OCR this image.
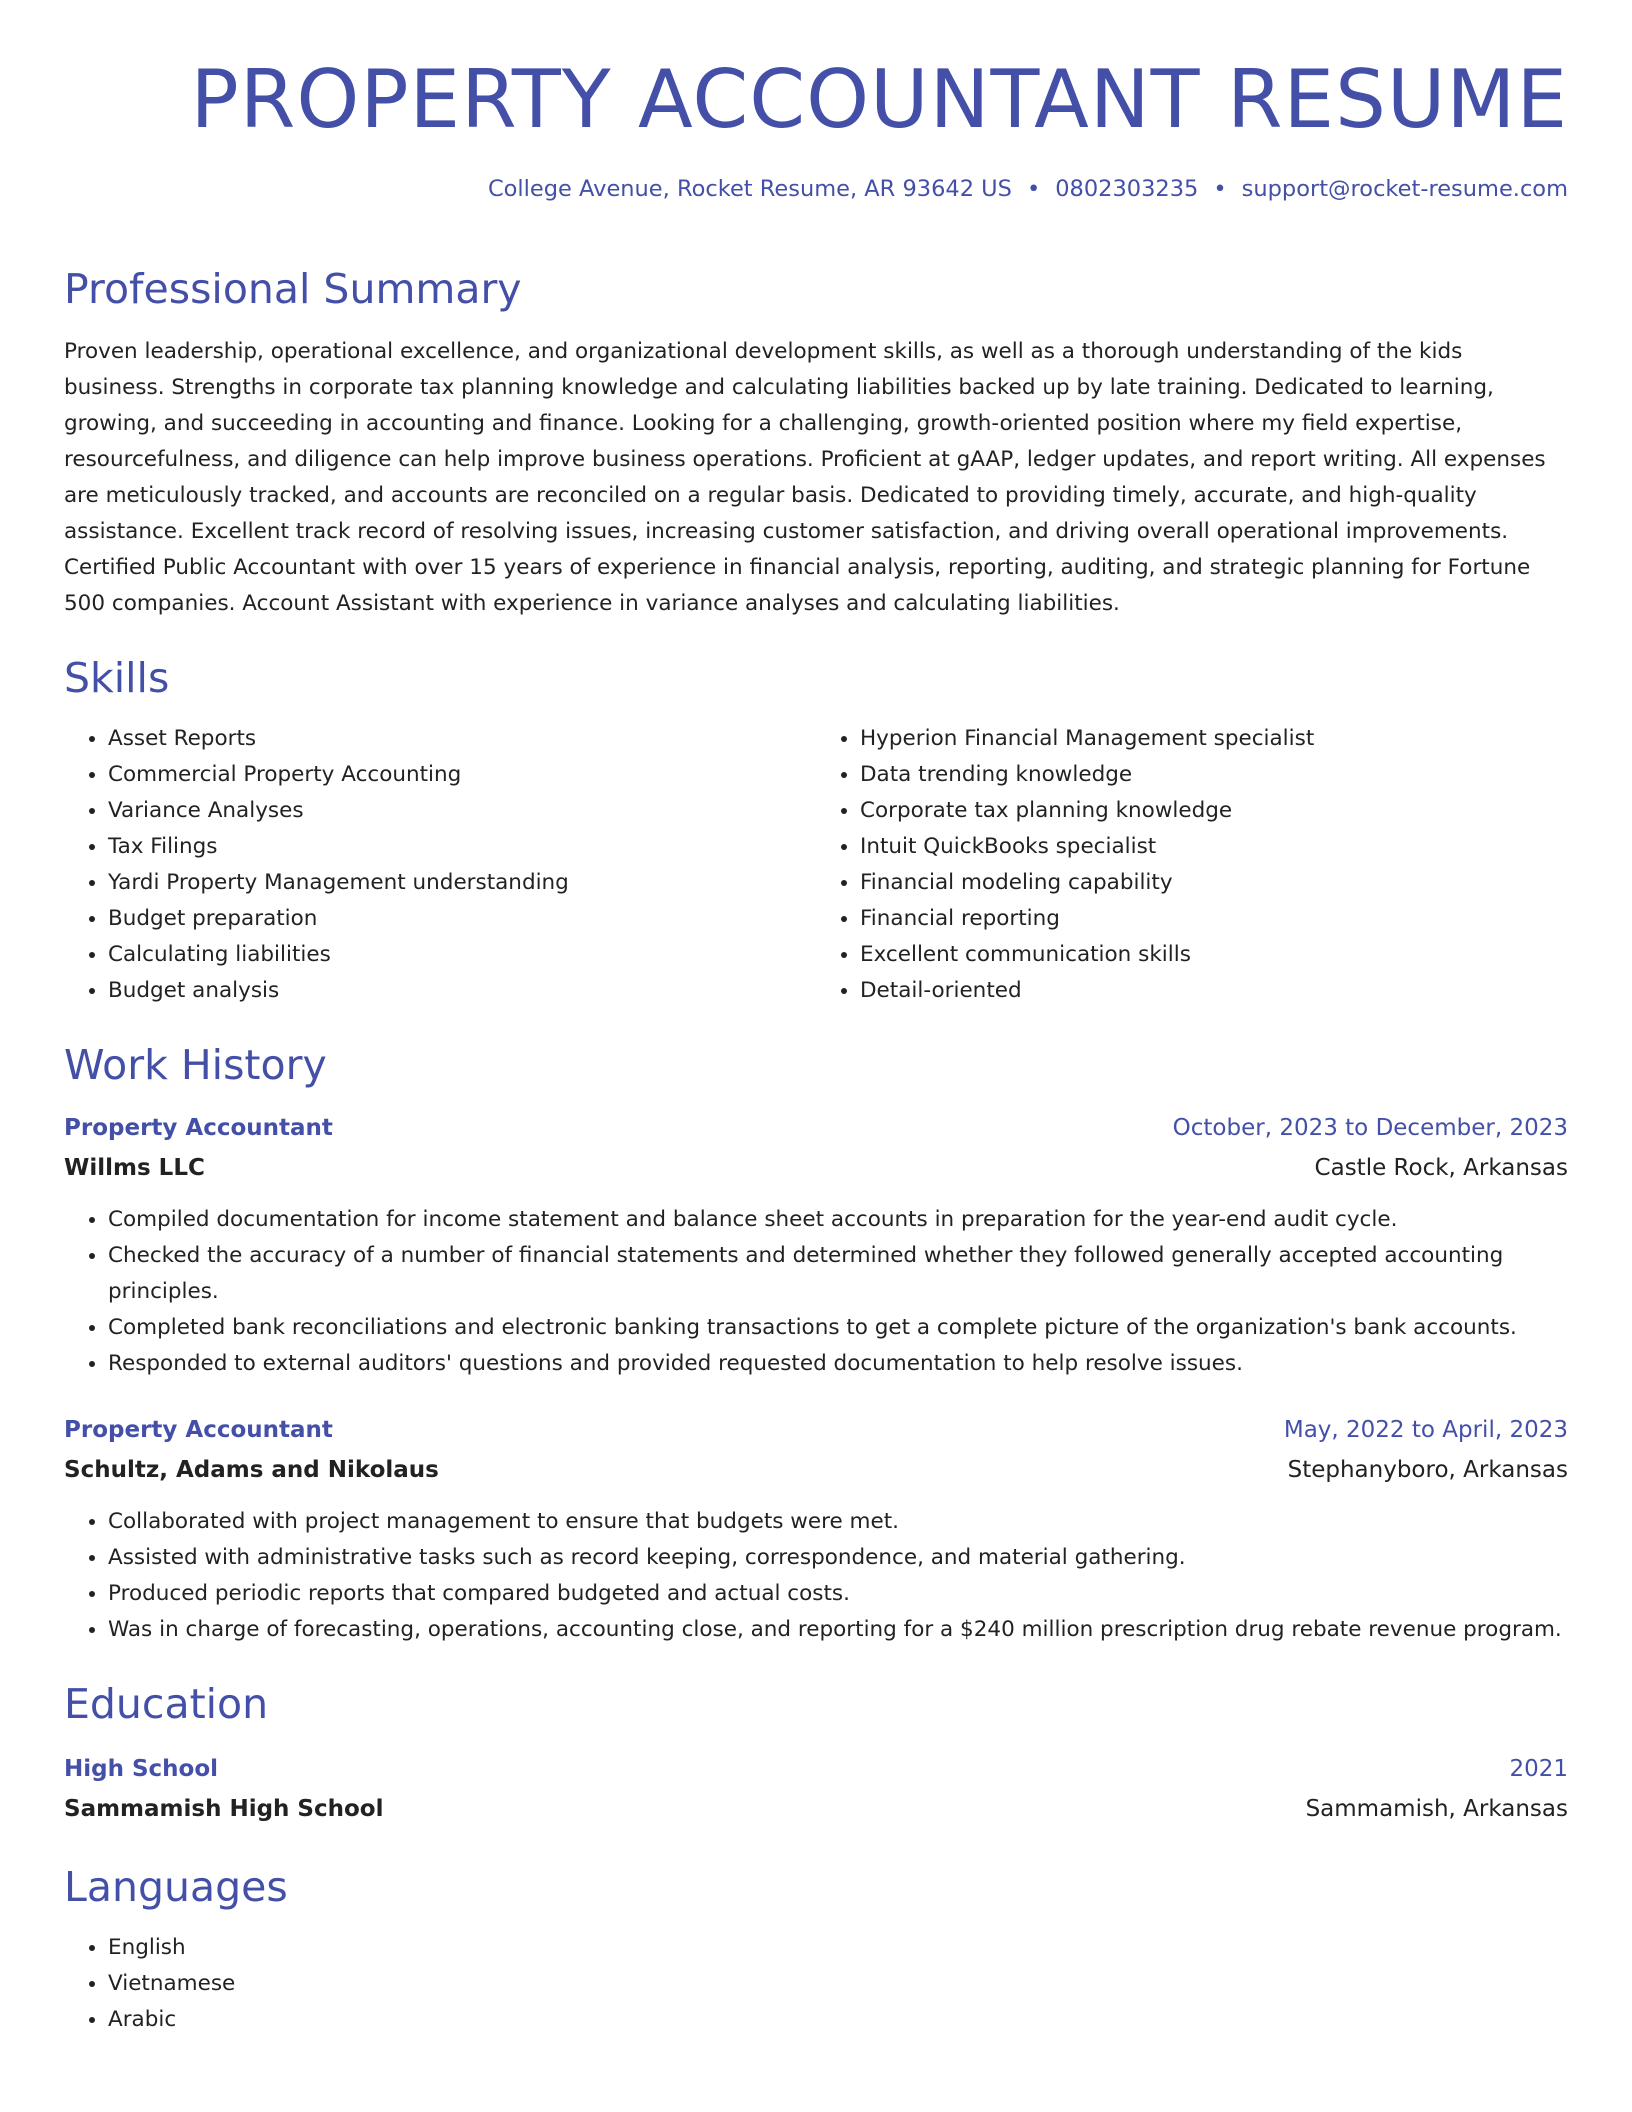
PROPERTY ACCOUNTANT RESUME
College Avenue, Rocket Resume, AR 93642 US • 0802303235 • support@rocket-resume.com
Professional Summary

Proven leadership, operational excellence, and organizational development skills, as well as a thorough understanding of the kids business. Strengths in corporate tax planning knowledge and calculating liabilities backed up by late training. Dedicated to learning, growing, and succeeding in accounting and finance. Looking for a challenging, growth-oriented position where my field expertise, resourcefulness, and diligence can help improve business operations. Proficient at gAAP, ledger updates, and report writing. All expenses are meticulously tracked, and accounts are reconciled on a regular basis. Dedicated to providing timely, accurate, and high-quality assistance. Excellent track record of resolving issues, increasing customer satisfaction, and driving overall operational improvements. Certified Public Accountant with over 15 years of experience in financial analysis, reporting, auditing, and strategic planning for Fortune 500 companies. Account Assistant with experience in variance analyses and calculating liabilities.

Skills
• Asset Reports
• Commercial Property Accounting
• Variance Analyses
• Tax Filings
• Yardi Property Management understanding
• Budget preparation
• Calculating liabilities
• Budget analysis
• Hyperion Financial Management specialist
• Data trending knowledge
• Corporate tax planning knowledge
• Intuit QuickBooks specialist
• Financial modeling capability
• Financial reporting
• Excellent communication skills
• Detail-oriented
Work History
Property Accountant	October, 2023 to December, 2023
Willms LLC	Castle Rock, Arkansas
• Compiled documentation for income statement and balance sheet accounts in preparation for the year-end audit cycle.
• Checked the accuracy of a number of financial statements and determined whether they followed generally accepted accounting principles.
• Completed bank reconciliations and electronic banking transactions to get a complete picture of the organization's bank accounts.
• Responded to external auditors' questions and provided requested documentation to help resolve issues.
Property Accountant	May, 2022 to April, 2023
Schultz, Adams and Nikolaus	Stephanyboro, Arkansas
• Collaborated with project management to ensure that budgets were met.
• Assisted with administrative tasks such as record keeping, correspondence, and material gathering.
• Produced periodic reports that compared budgeted and actual costs.
• Was in charge of forecasting, operations, accounting close, and reporting for a $240 million prescription drug rebate revenue program.
Education
High School	2021
Sammamish High School	Sammamish, Arkansas
Languages
• English
• Vietnamese
• Arabic
